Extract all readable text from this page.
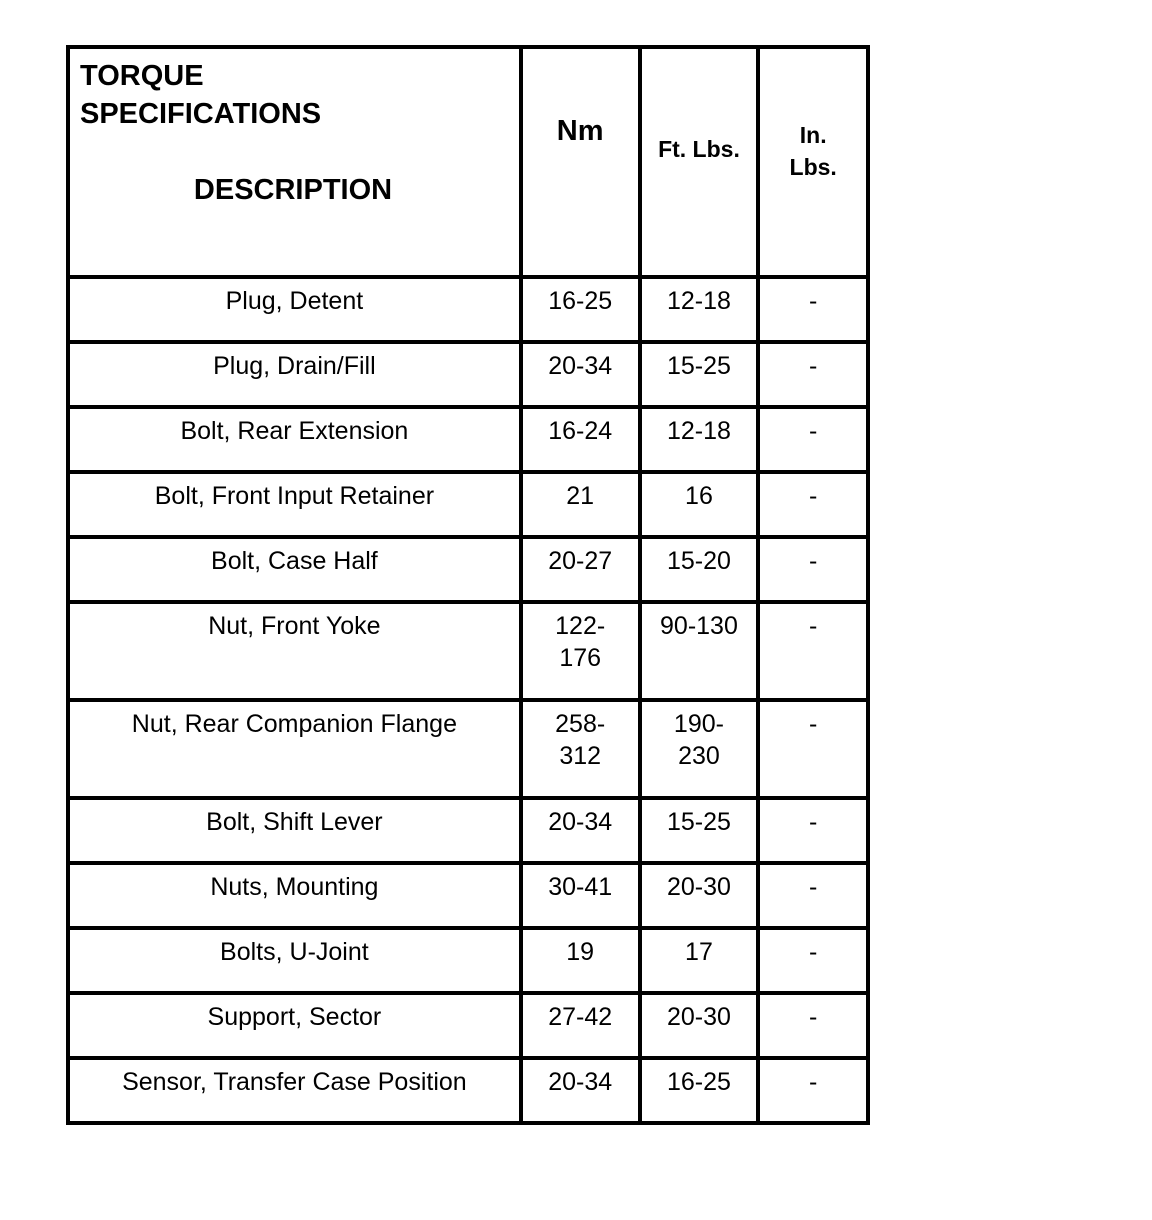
TORQUE
SPECIFICATIONS
DESCRIPTION	Nm	Ft. Lbs.	In.
Lbs.

Plug, Detent	16-25	12-18	-

Plug, Drain/Fill	20-34	15-25	-

Bolt, Rear Extension	16-24	12-18	-

Bolt, Front Input Retainer	21	16	-

Bolt, Case Half	20-27	15-20	-

Nut, Front Yoke	122-
176	90-130	-

Nut, Rear Companion Flange	258-
312	190-
230	-

Bolt, Shift Lever	20-34	15-25	-

Nuts, Mounting	30-41	20-30	-

Bolts, U-Joint	19	17	-

Support, Sector	27-42	20-30	-

Sensor, Transfer Case Position	20-34	16-25	-
